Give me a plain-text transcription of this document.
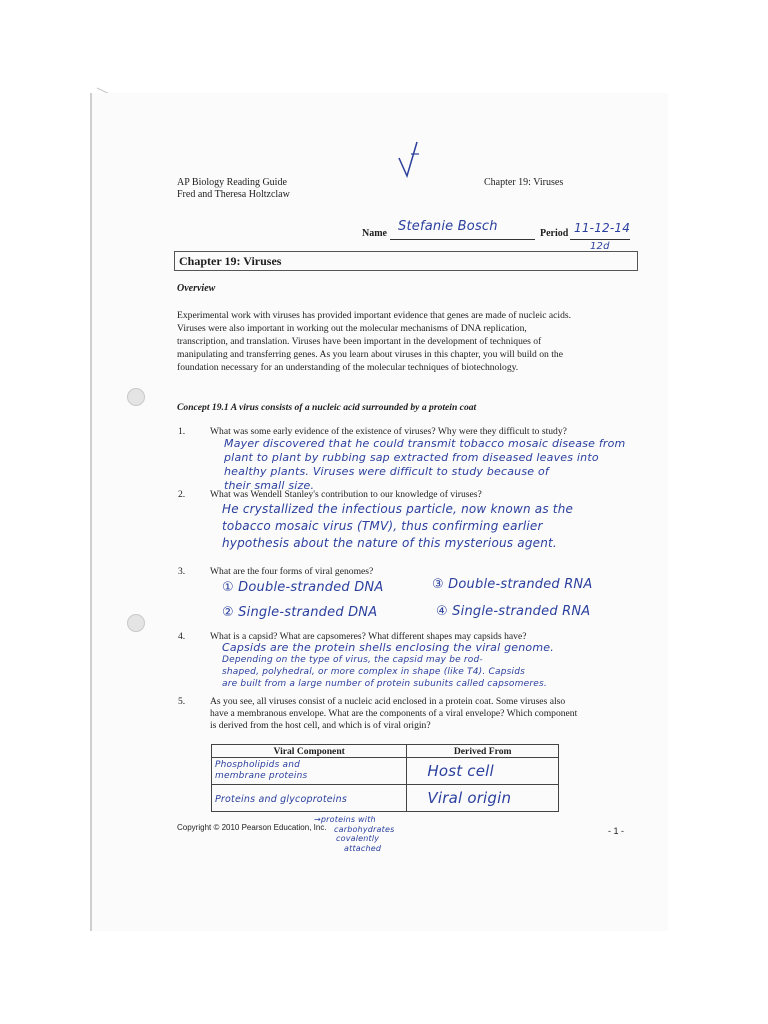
AP Biology Reading Guide
Fred and Theresa Holtzclaw
Chapter 19: Viruses
Name Stefanie Bosch	Period 11-12-14
12d
Chapter 19: Viruses
Overview
Experimental work with viruses has provided important evidence that genes are made of nucleic acids.
Viruses were also important in working out the molecular mechanisms of DNA replication,
transcription, and translation. Viruses have been important in the development of techniques of
manipulating and transferring genes. As you learn about viruses in this chapter, you will build on the
foundation necessary for an understanding of the molecular techniques of biotechnology.
Concept 19.1 A virus consists of a nucleic acid surrounded by a protein coat
1.	What was some early evidence of the existence of viruses? Why were they difficult to study?
Mayer discovered that he could transmit tobacco mosaic disease from
plant to plant by rubbing sap extracted from diseased leaves into
healthy plants. Viruses were difficult to study because of
their small size.
2.	What was Wendell Stanley's contribution to our knowledge of viruses?
He crystallized the infectious particle, now known as the
tobacco mosaic virus (TMV), thus confirming earlier
hypothesis about the nature of this mysterious agent.
3.	What are the four forms of viral genomes?
① Double-stranded DNA	③ Double-stranded RNA
② Single-stranded DNA	④ Single-stranded RNA
4.	What is a capsid? What are capsomeres? What different shapes may capsids have?
Capsids are the protein shells enclosing the viral genome.
Depending on the type of virus, the capsid may be rod-
shaped, polyhedral, or more complex in shape (like T4). Capsids
are built from a large number of protein subunits called capsomeres.
5.	As you see, all viruses consist of a nucleic acid enclosed in a protein coat. Some viruses also
have a membranous envelope. What are the components of a viral envelope? Which component
is derived from the host cell, and which is of viral origin?
Viral Component	Derived From

Phospholipids and membrane proteins	Host cell
Proteins and glycoproteins	Viral origin
→proteins with
carbohydrates
covalently
attached
Copyright © 2010 Pearson Education, Inc.	- 1 -
